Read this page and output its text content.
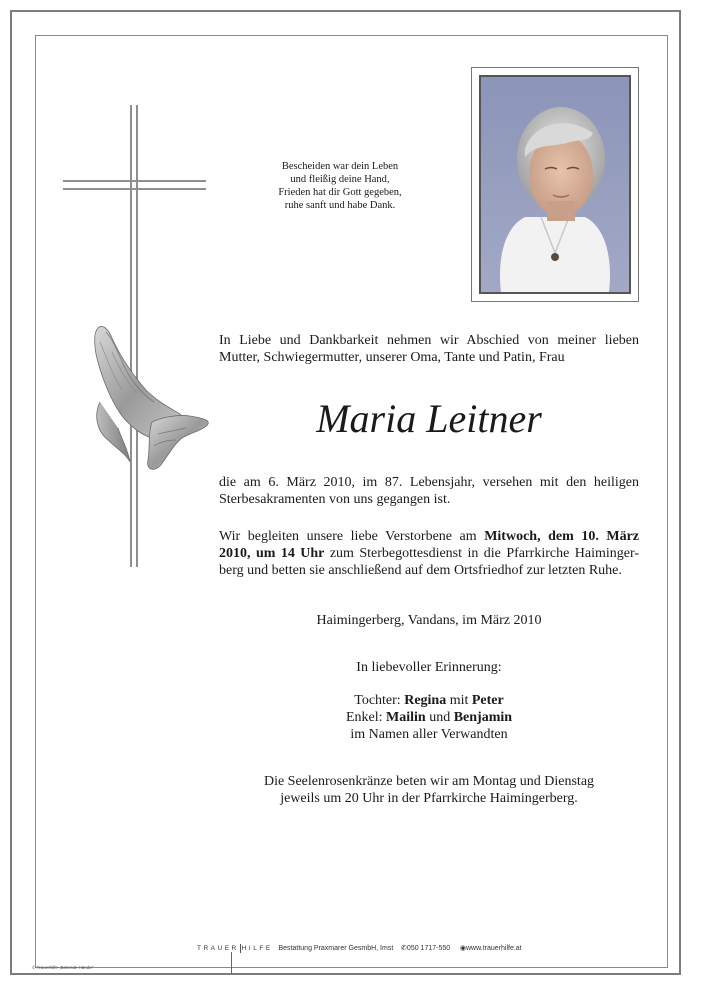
Bescheiden war dein Leben
und fleißig deine Hand,
Frieden hat dir Gott gegeben,
ruhe sanft und habe Dank.
In Liebe und Dankbarkeit nehmen wir Abschied von meiner lieben
Mutter, Schwiegermutter, unserer Oma, Tante und Patin, Frau
Maria Leitner
die am 6. März 2010, im 87. Lebensjahr, versehen mit den heiligen
Sterbesakramenten von uns gegangen ist.
Wir begleiten unsere liebe Verstorbene am Mitwoch, dem 10. März
2010, um 14 Uhr zum Sterbegottesdienst in die Pfarrkirche Haiminger-
berg und betten sie anschließend auf dem Ortsfriedhof zur letzten Ruhe.
Haimingerberg, Vandans, im März 2010
In liebevoller Erinnerung:
Tochter: Regina mit Peter
Enkel: Mailin und Benjamin
im Namen aller Verwandten
Die Seelenrosenkränze beten wir am Montag und Dienstag
jeweils um 20 Uhr in der Pfarrkirche Haimingerberg.
TRAUER HILFE Bestattung Praxmarer GesmbH, Imst ✆050 1717-550 ◉www.trauerhilfe.at
© Trauerhilfe „Betende Hände"
